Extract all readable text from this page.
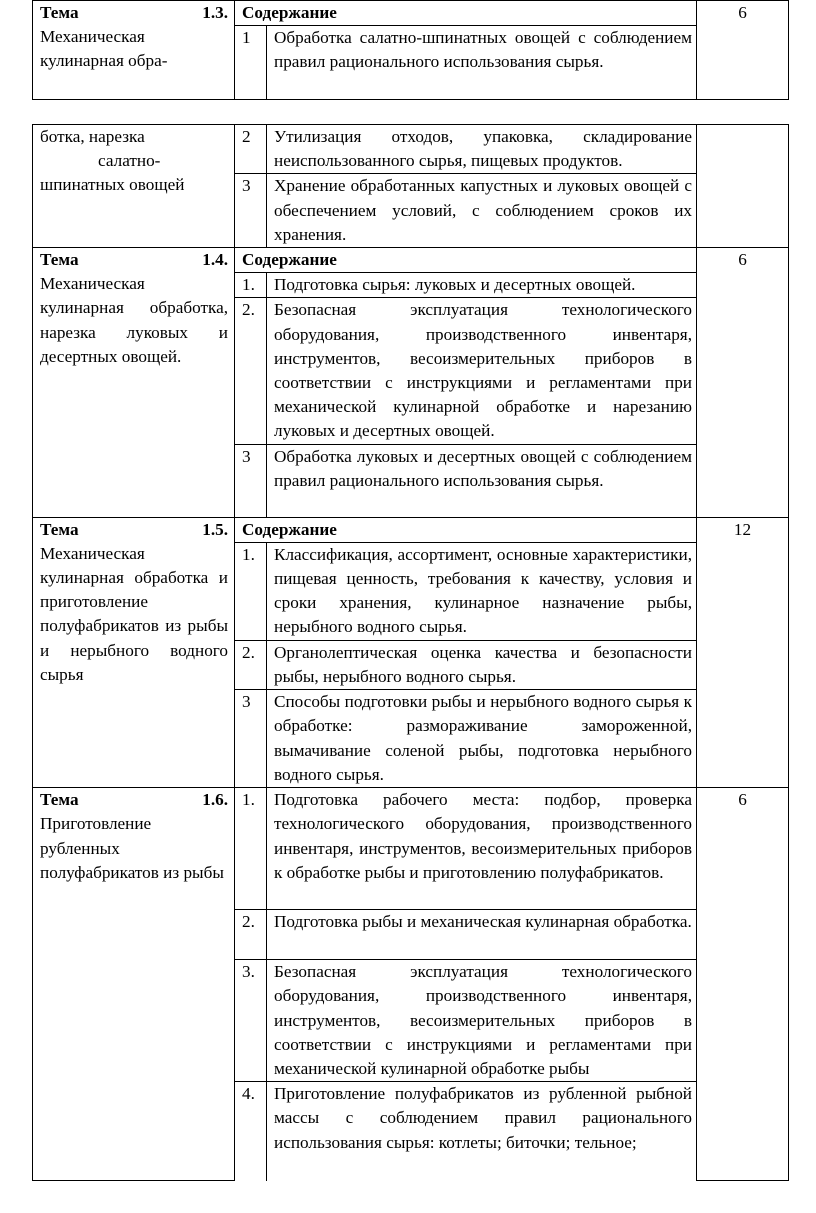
Тема 1.3.
Механическая кулинарная обра-	Содержание		6
	1	Обработка салатно-шпинатных овощей с соблюдением правил рационального использования сырья.	
ботка, нарезка
салатно-
шпинатных овощей	2	Утилизация отходов, упаковка, складирование неиспользованного сырья, пищевых продуктов.	
	3	Хранение обработанных капустных и луковых овощей с обеспечением условий, с соблюдением сроков их хранения.	

Тема 1.4.
Механическая кулинарная обработка, нарезка луковых и десертных овощей.	Содержание		6
	1.	Подготовка сырья: луковых и десертных овощей.	
	2.	Безопасная эксплуатация технологического оборудования, производственного инвентаря, инструментов, весоизмерительных приборов в соответствии с инструкциями и регламентами при механической кулинарной обработке и нарезанию луковых и десертных овощей.	
	3	Обработка луковых и десертных овощей с соблюдением правил рационального использования сырья.	

Тема 1.5.
Механическая кулинарная обработка и приготовление полуфабрикатов из рыбы и нерыбного водного сырья	Содержание		12
	1.	Классификация, ассортимент, основные характеристики, пищевая ценность, требования к качеству, условия и сроки хранения, кулинарное назначение рыбы, нерыбного водного сырья.	
	2.	Органолептическая оценка качества и безопасности рыбы, нерыбного водного сырья.	
	3	Способы подготовки рыбы и нерыбного водного сырья к обработке: размораживание замороженной, вымачивание соленой рыбы, подготовка нерыбного водного сырья.	

Тема 1.6.
Приготовление рубленных полуфабрикатов из рыбы	1.	Подготовка рабочего места: подбор, проверка технологического оборудования, производственного инвентаря, инструментов, весоизмерительных приборов к обработке рыбы и приготовлению полуфабрикатов.	6
	2.	Подготовка рыбы и механическая кулинарная обработка.	
	3.	Безопасная эксплуатация технологического оборудования, производственного инвентаря, инструментов, весоизмерительных приборов в соответствии с инструкциями и регламентами при механической кулинарной обработке рыбы	
	4.	Приготовление полуфабрикатов из рубленной рыбной массы с соблюдением правил рационального использования сырья: котлеты; биточки; тельное;	
